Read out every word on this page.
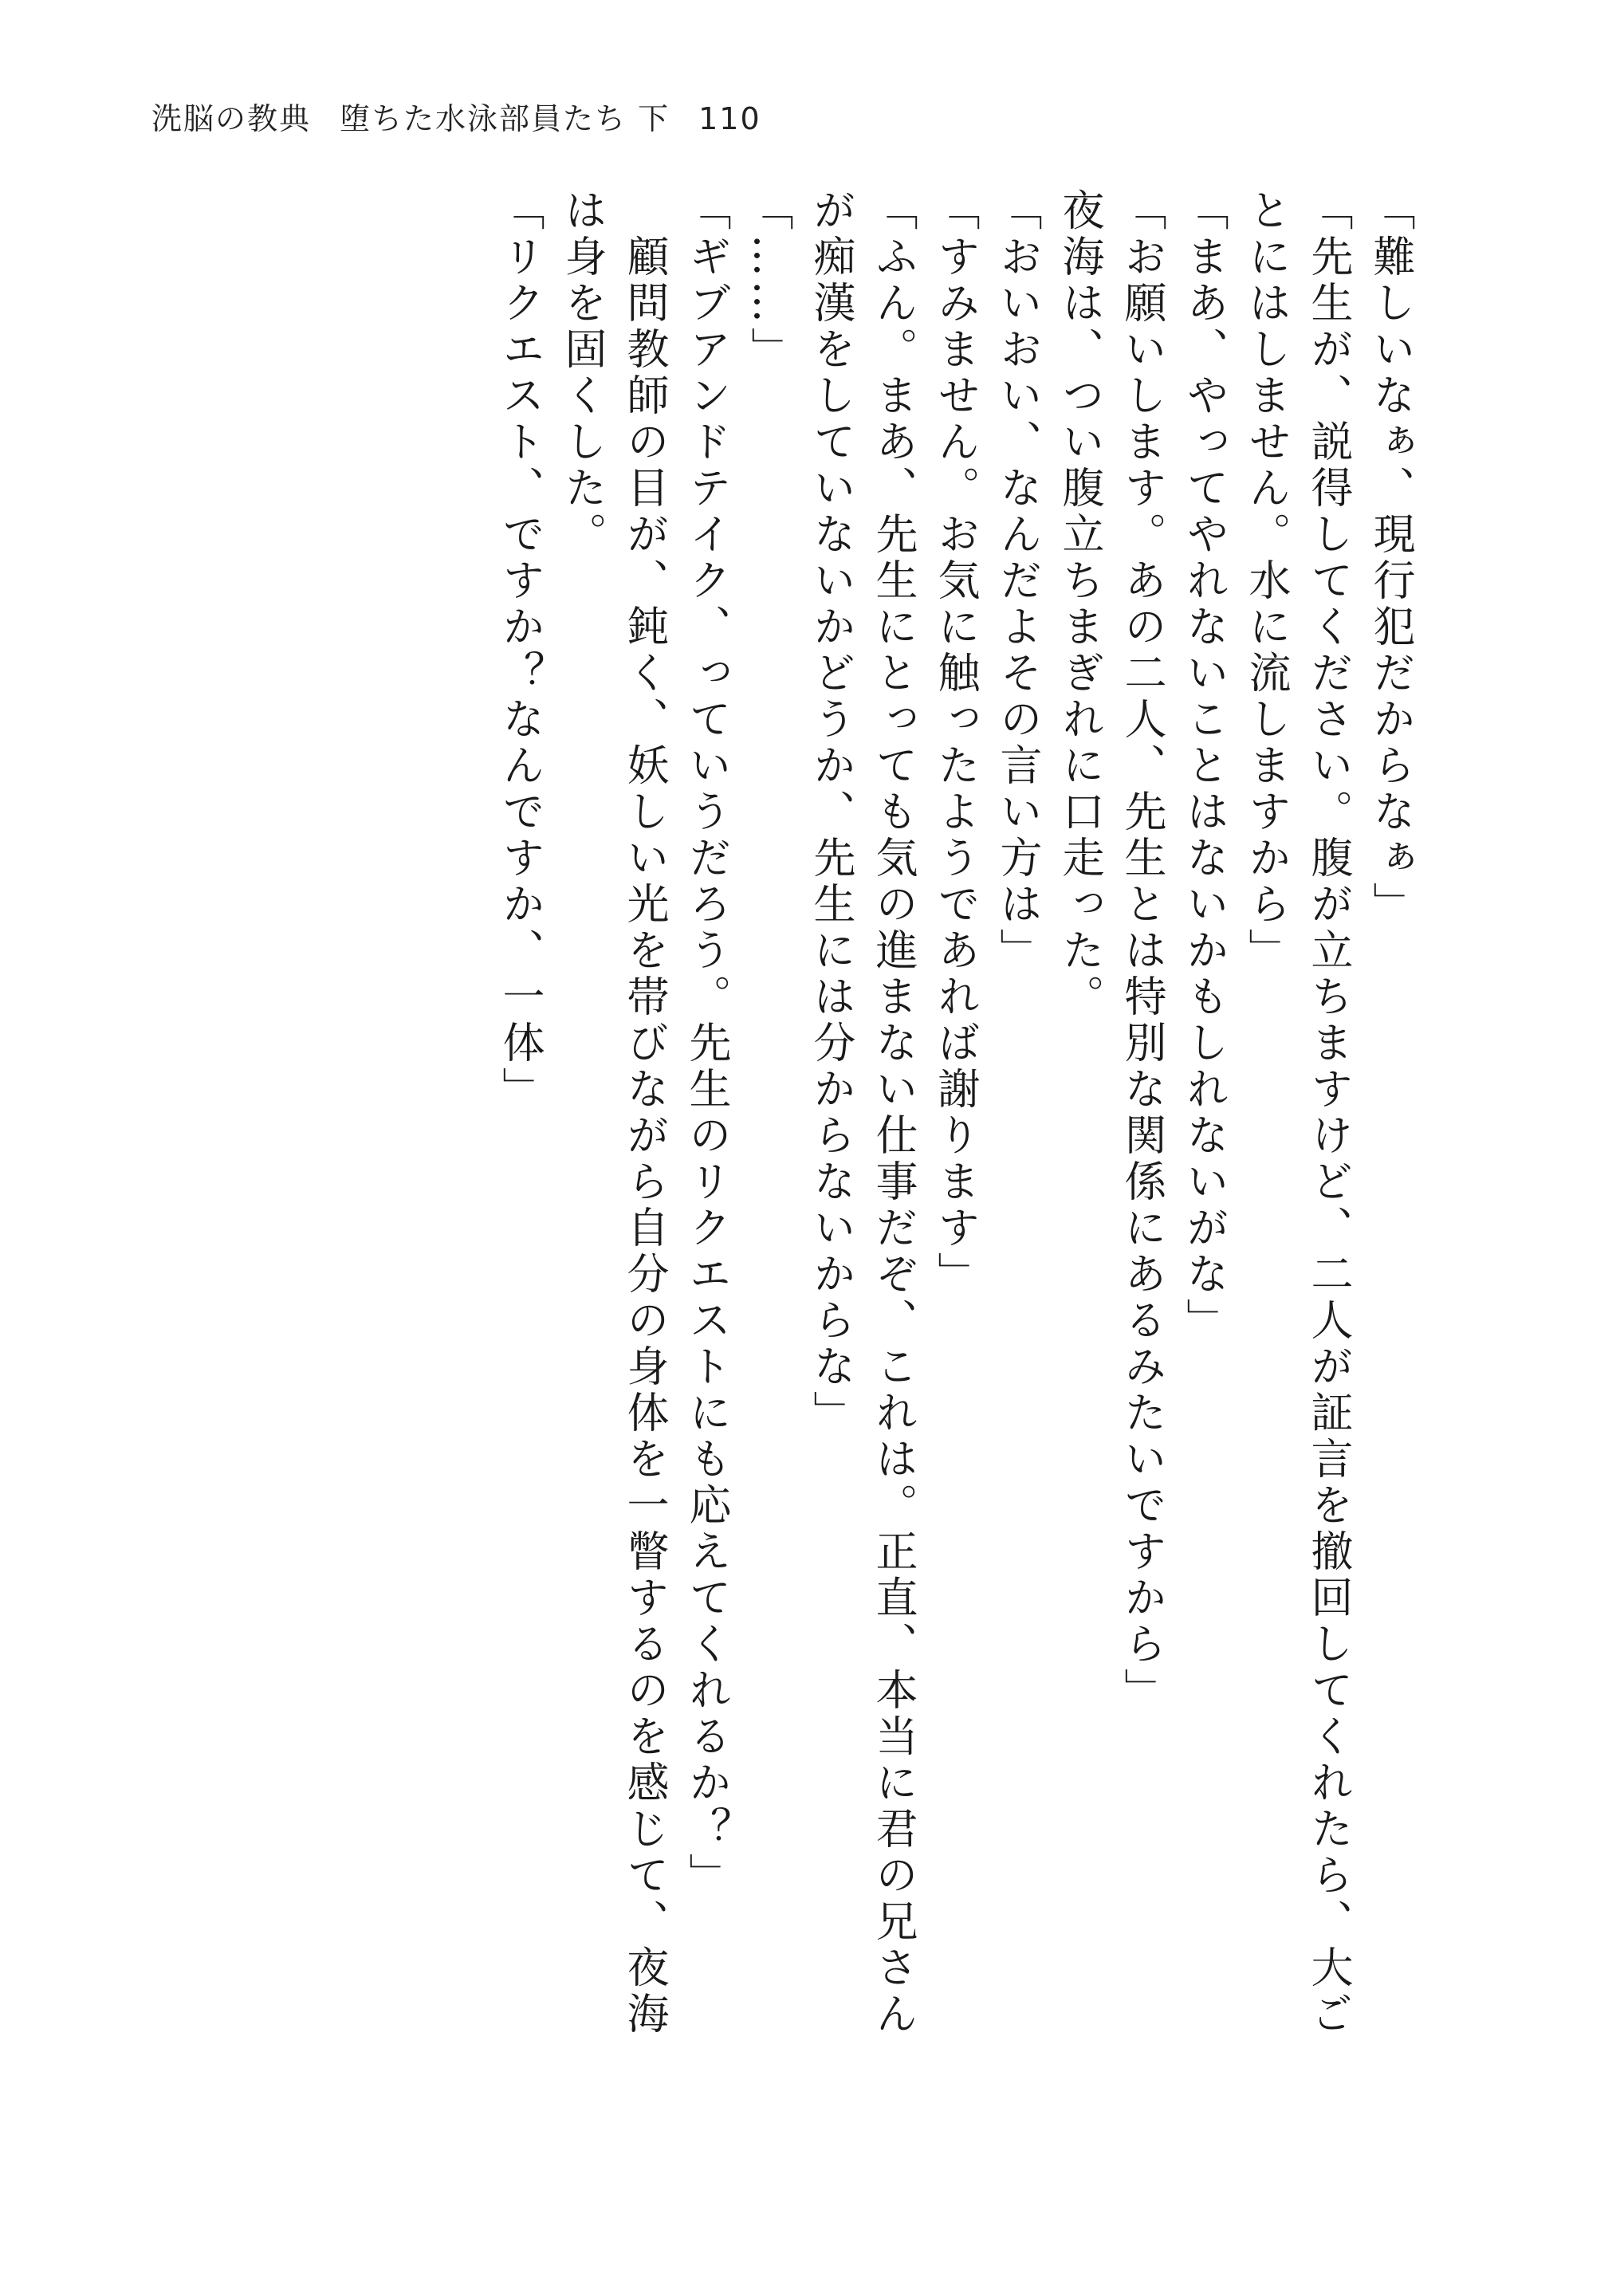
洗脳の教典 堕ちた水泳部員たち 下 110
「難しいなぁ、現行犯だからなぁ」
「先生が、説得してください。腹が立ちますけど、二人が証言を撤回してくれたら、大ご
とにはしません。水に流しますから」
「まあ、やってやれないことはないかもしれないがな」
「お願いします。あの二人、先生とは特別な関係にあるみたいですから」
夜海は、つい腹立ちまぎれに口走った。
「おいおい、なんだよその言い方は」
「すみません。お気に触ったようであれば謝ります」
「ふん。まあ、先生にとっても気の進まない仕事だぞ、これは。正直、本当に君の兄さん
が痴漢をしていないかどうか、先生には分からないからな」
「……」
「ギブアンドテイク、っていうだろう。先生のリクエストにも応えてくれるか？」
　顧問教師の目が、鈍く、妖しい光を帯びながら自分の身体を一瞥するのを感じて、夜海
は身を固くした。
「リクエスト、ですか？なんですか、一体」
